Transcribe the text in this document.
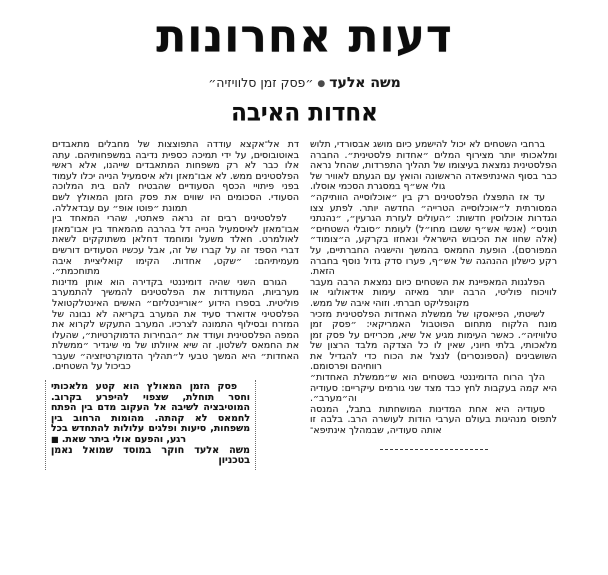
דעות אחרונות
משה אלעד●״פסק זמן סלוויזיה״
אחדות האיבה

ברחבי השטחים לא יכול להישמע כיום מושג אבסורדי, תלוש ומלאכותי יותר מצירוף המלים ״אחדות פלסטינית״. החברה הפלסטינית נמצאת בעיצומו של תהליך התפרדות, שהחל נראה כבר בסוף האינתיפאדה הראשונה והואץ עם הגעתם לאוויר של גולי אש״ף במסגרת הסכמי אוסלו.

עד אז התפצלו הפלסטינים רק בין ״אוכלוסייה הוותיקה״ המסורתית ל״אוכלוסייה הטרייה״ החדשה יותר. לפתע צצו הגדרות אוכלוסין חדשות: ״העולים לעזרת הגרעין״, ״נהנתני תוניס״ (אנשי אש״ף ששבו מחו״ל) לעומת ״סובלי השטחים״ (אלה שחוו את הכיבוש הישראלי ונאחזו בקרקע, ה״צומוד״ המפורסם). הופעת החמאס בהמשך והישגיה החברתיים, על רקע כישלון ההנהגה של אש״ף, פערו סדק גדול נוסף בחברה הזאת.

הפלגנות המאפיינת את השטחים כיום נמצאת הרבה מעבר לוויכוח פוליטי, הרבה יותר מאיזה עימות אידאולוגי או מקונפליקט חברתי. וזוהי איבה של ממש.

לשיטתי, הפיאסקו של ממשלת האחדות הפלסטינית מזכיר מונח הלקוח מתחום הפוטבול האמריקאי: ״פסק זמן טלוויזיה״. כאשר העימות מגיע אל שיא, מכריזים על פסק זמן מלאכותי, בלתי חיוני, שאין לו כל הצדקה מלבד הרצון של השושבינים (הספונסרים) לנצל את הכוח כדי להגדיל את רווחיהם ופרסומם.

הלך הרוח הדומיננטי בשטחים הוא ש״ממשלת האחדות״ היא קמה בעקבות לחץ כבד מצד שני גורמים עיקריים: סעודיה וה״מערב״.

סעודיה היא אחת המדינות המושחתות בתבל, המנסה לתפוס מנהיגות בעולם הערבי הודות לעושרה הרב. בלבה זו אותה סעודיה, שבמהלך אינתיפא־

דת אל־אקצא עודדה התפוצצות של מחבלים מתאבדים באוטובוסים, על ידי תמיכה כספית נדיבה במשפחותיהם. עתה אלו כבר לא רק משפחות המתאבדים שייהנו, אלא ראשי הפלסטינים ממש. לא אבו־מאזן ולא איסמעיל הנייה יכלו לעמוד בפני פיתויי הכסף הסעודיים שהבטיח להם בית המלוכה הסעודי. הסכומים היו שווים את פסק הזמן המאולץ לשם תמונת ״פוטו אופ״ עם עבדאללה.

לפלסטינים רבים זה נראה פאתטי, שהרי המאחד בין אבו־מאזן לאיסמעיל הנייה דל בהרבה מהמאחד בין אבו־מאזן לאולמרט. חאלד משעל ומוחמד דחלאן משתוקקים לשאת דברי הספד זה על קברו של זה, אבל עכשיו הסעודים דורשים מעמיתיהם: ״שקט, אחדות. הקימו קואליציית איבה מתוחכמת״.

הגורם השני שהיה דומיננטי בקדירה הוא אותן מדינות מערביות, המעודדות את הפלסטינים להמשיך להתמערב פוליטית. בספרו הידוע ״אוריינטליזם״ האשים האינטלקטואל הפלסטיני אדוארד סעיד את המערב בקריאה לא נבונה של המזרח ובסילוף התמונה לצרכיו. המערב התעקש לקרוא את המפה הפלסטינית ועודד את ״הבחירות הדמוקרטיות״, שהעלו את החמאס לשלטון. זה שיא איוולתו של מי שיגדיר ״ממשלת האחדות״ היא המשך טבעי ל״תהליך הדמוקרטיזציה״ שעבר כביכול על השטחים.

פסק הזמן המאולץ הוא קטע מלאכותי וחסר תוחלת, שצפוי להיפרע בקרוב. המוטיבציה לשיבה אל העקוב מדם בין הפתח לחמאס לא קהתה. מהומות הרחוב בין משפחות, סיעות ופלגים עלולות להתחדש בכל רגע, והפעם אולי ביתר שאת. ■

משה אלעד חוקר במוסד שמואל נאמן בטכניון
